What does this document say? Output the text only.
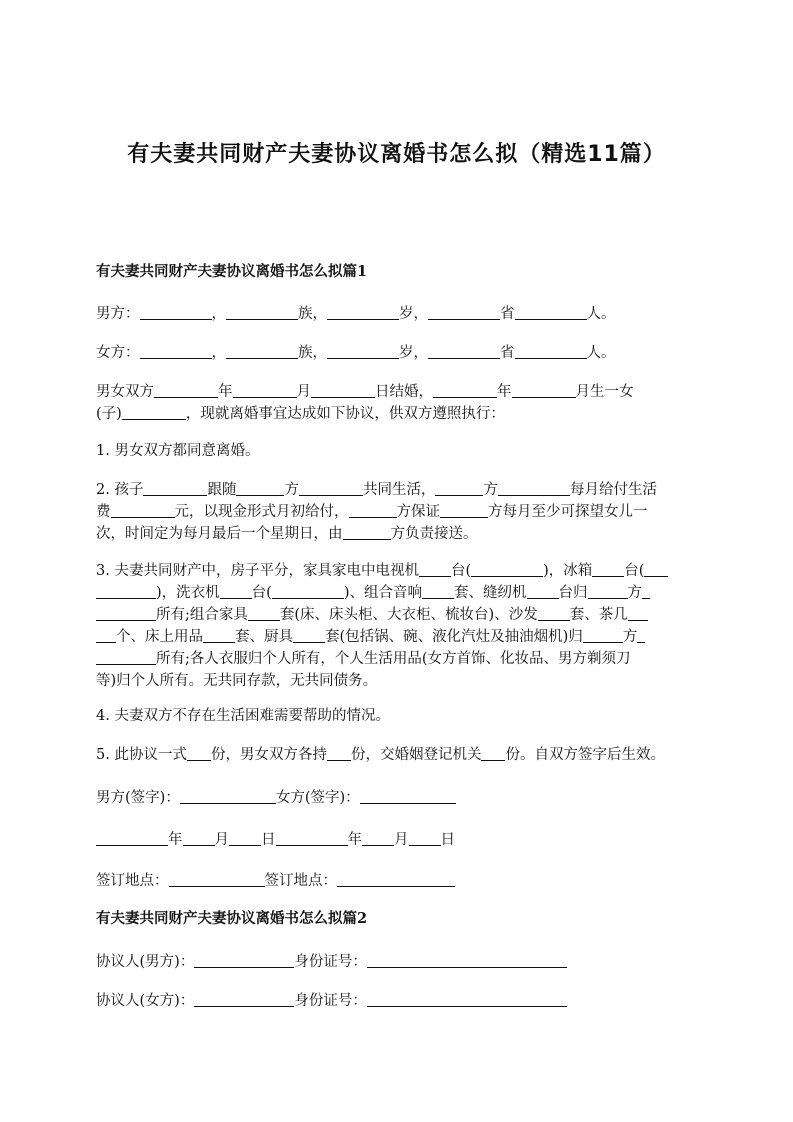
有夫妻共同财产夫妻协议离婚书怎么拟（精选11篇）
有夫妻共同财产夫妻协议离婚书怎么拟篇1
男方：	，	族，	岁，	省	人。
女方：	，	族，	岁，	省	人。
男女双方	年	月	日结婚，	年	月生一女
(子)	，现就离婚事宜达成如下协议，供双方遵照执行：
1. 男女双方都同意离婚。
2. 孩子	跟随	方	共同生活，	方	每月给付生活
费	元，以现金形式月初给付，	方保证	方每月至少可探望女儿一
次，时间定为每月最后一个星期日，由	方负责接送。
3. 夫妻共同财产中，房子平分，家具家电中电视机 台(	)，冰箱 台(
)，洗衣机 台(	)、组合音响 套、缝纫机 台归	方
所有;组合家具 套(床、床头柜、大衣柜、梳妆台)、沙发 套、茶几
个、床上用品 套、厨具 套(包括锅、碗、液化汽灶及抽油烟机)归	方
所有;各人衣服归个人所有，个人生活用品(女方首饰、化妆品、男方剃须刀
等)归个人所有。无共同存款，无共同债务。
4. 夫妻双方不存在生活困难需要帮助的情况。
5. 此协议一式 份，男女双方各持 份，交婚姻登记机关 份。自双方签字后生效。
男方(签字)：	女方(签字)：
年 月 日	年 月 日
签订地点：	签订地点：
有夫妻共同财产夫妻协议离婚书怎么拟篇2
协议人(男方)：	身份证号：
协议人(女方)：	身份证号：
